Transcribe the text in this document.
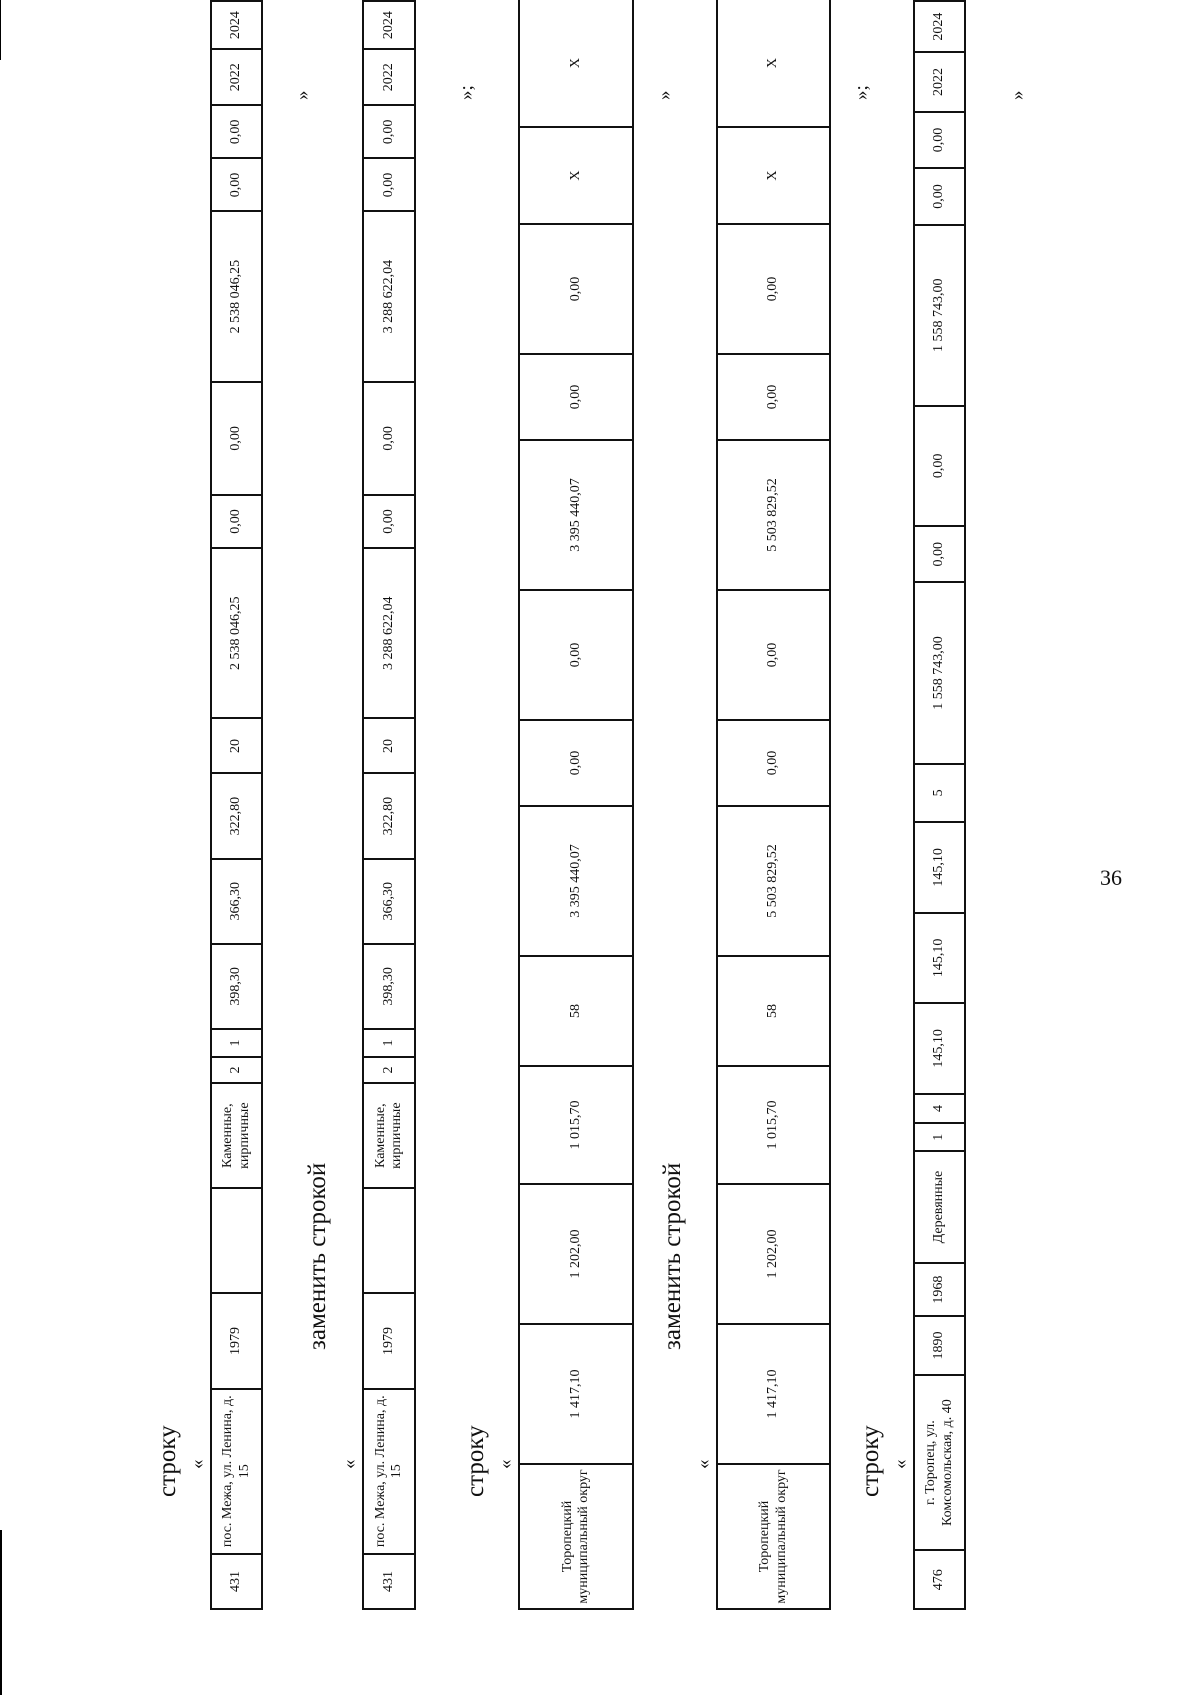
36
строку «
431	пос. Межа, ул. Ленина, д. 15	1979		Каменные, кирпичные	2	1	398,30	366,30	322,80	20	2 538 046,25	0,00	0,00	2 538 046,25	0,00	0,00	2022	2024
»
заменить строкой
«
431	пос. Межа, ул. Ленина, д. 15	1979		Каменные, кирпичные	2	1	398,30	366,30	322,80	20	3 288 622,04	0,00	0,00	3 288 622,04	0,00	0,00	2022	2024
»;
строку «
Торопецкий муниципальный округ	1 417,10	1 202,00	1 015,70	58	3 395 440,07	0,00	0,00	3 395 440,07	0,00	0,00	X	X
»
заменить строкой
«
Торопецкий муниципальный округ	1 417,10	1 202,00	1 015,70	58	5 503 829,52	0,00	0,00	5 503 829,52	0,00	0,00	X	X
»;
строку «
476	г. Торопец, ул. Комсомольская, д. 40	1890	1968	Деревянные	1	4	145,10	145,10	145,10	5	1 558 743,00	0,00	0,00	1 558 743,00	0,00	0,00	2022	2024
»
